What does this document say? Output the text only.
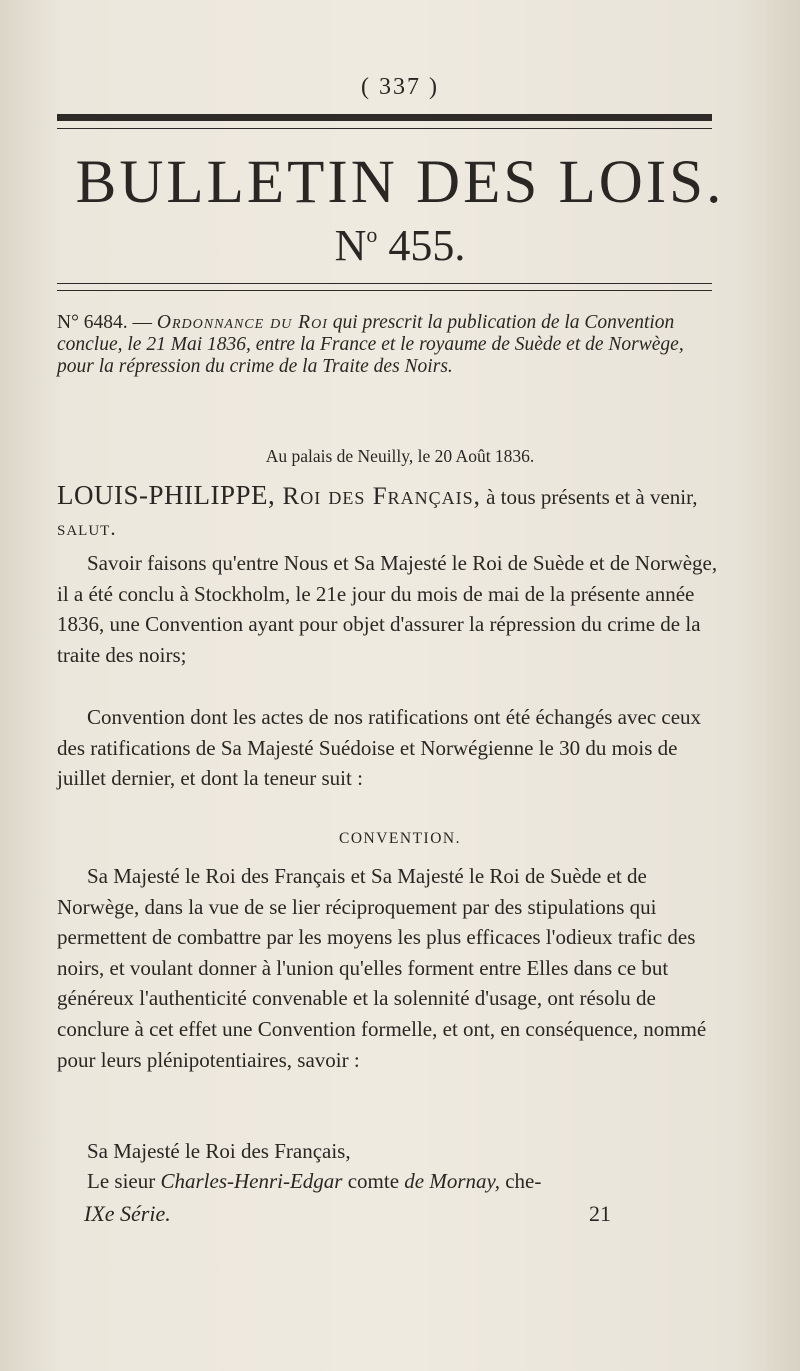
( 337 )
BULLETIN DES LOIS.
$N^o$ 455.
N° 6484. — Ordonnance du Roi qui prescrit la publication de la Convention conclue, le 21 Mai 1836, entre la France et le royaume de Suède et de Norwège, pour la répression du crime de la Traite des Noirs.
Au palais de Neuilly, le 20 Août 1836.

LOUIS-PHILIPPE, Roi des Français, à tous présents et à venir, salut.

Savoir faisons qu'entre Nous et Sa Majesté le Roi de Suède et de Norwège, il a été conclu à Stockholm, le 21e jour du mois de mai de la présente année 1836, une Convention ayant pour objet d'assurer la répression du crime de la traite des noirs;

Convention dont les actes de nos ratifications ont été échangés avec ceux des ratifications de Sa Majesté Suédoise et Norwégienne le 30 du mois de juillet dernier, et dont la teneur suit :

CONVENTION.

Sa Majesté le Roi des Français et Sa Majesté le Roi de Suède et de Norwège, dans la vue de se lier réciproquement par des stipulations qui permettent de combattre par les moyens les plus efficaces l'odieux trafic des noirs, et voulant donner à l'union qu'elles forment entre Elles dans ce but généreux l'authenticité convenable et la solennité d'usage, ont résolu de conclure à cet effet une Convention formelle, et ont, en conséquence, nommé pour leurs plénipotentiaires, savoir :

Sa Majesté le Roi des Français,

Le sieur Charles-Henri-Edgar comte de Mornay, che-

IXe Série.	21
